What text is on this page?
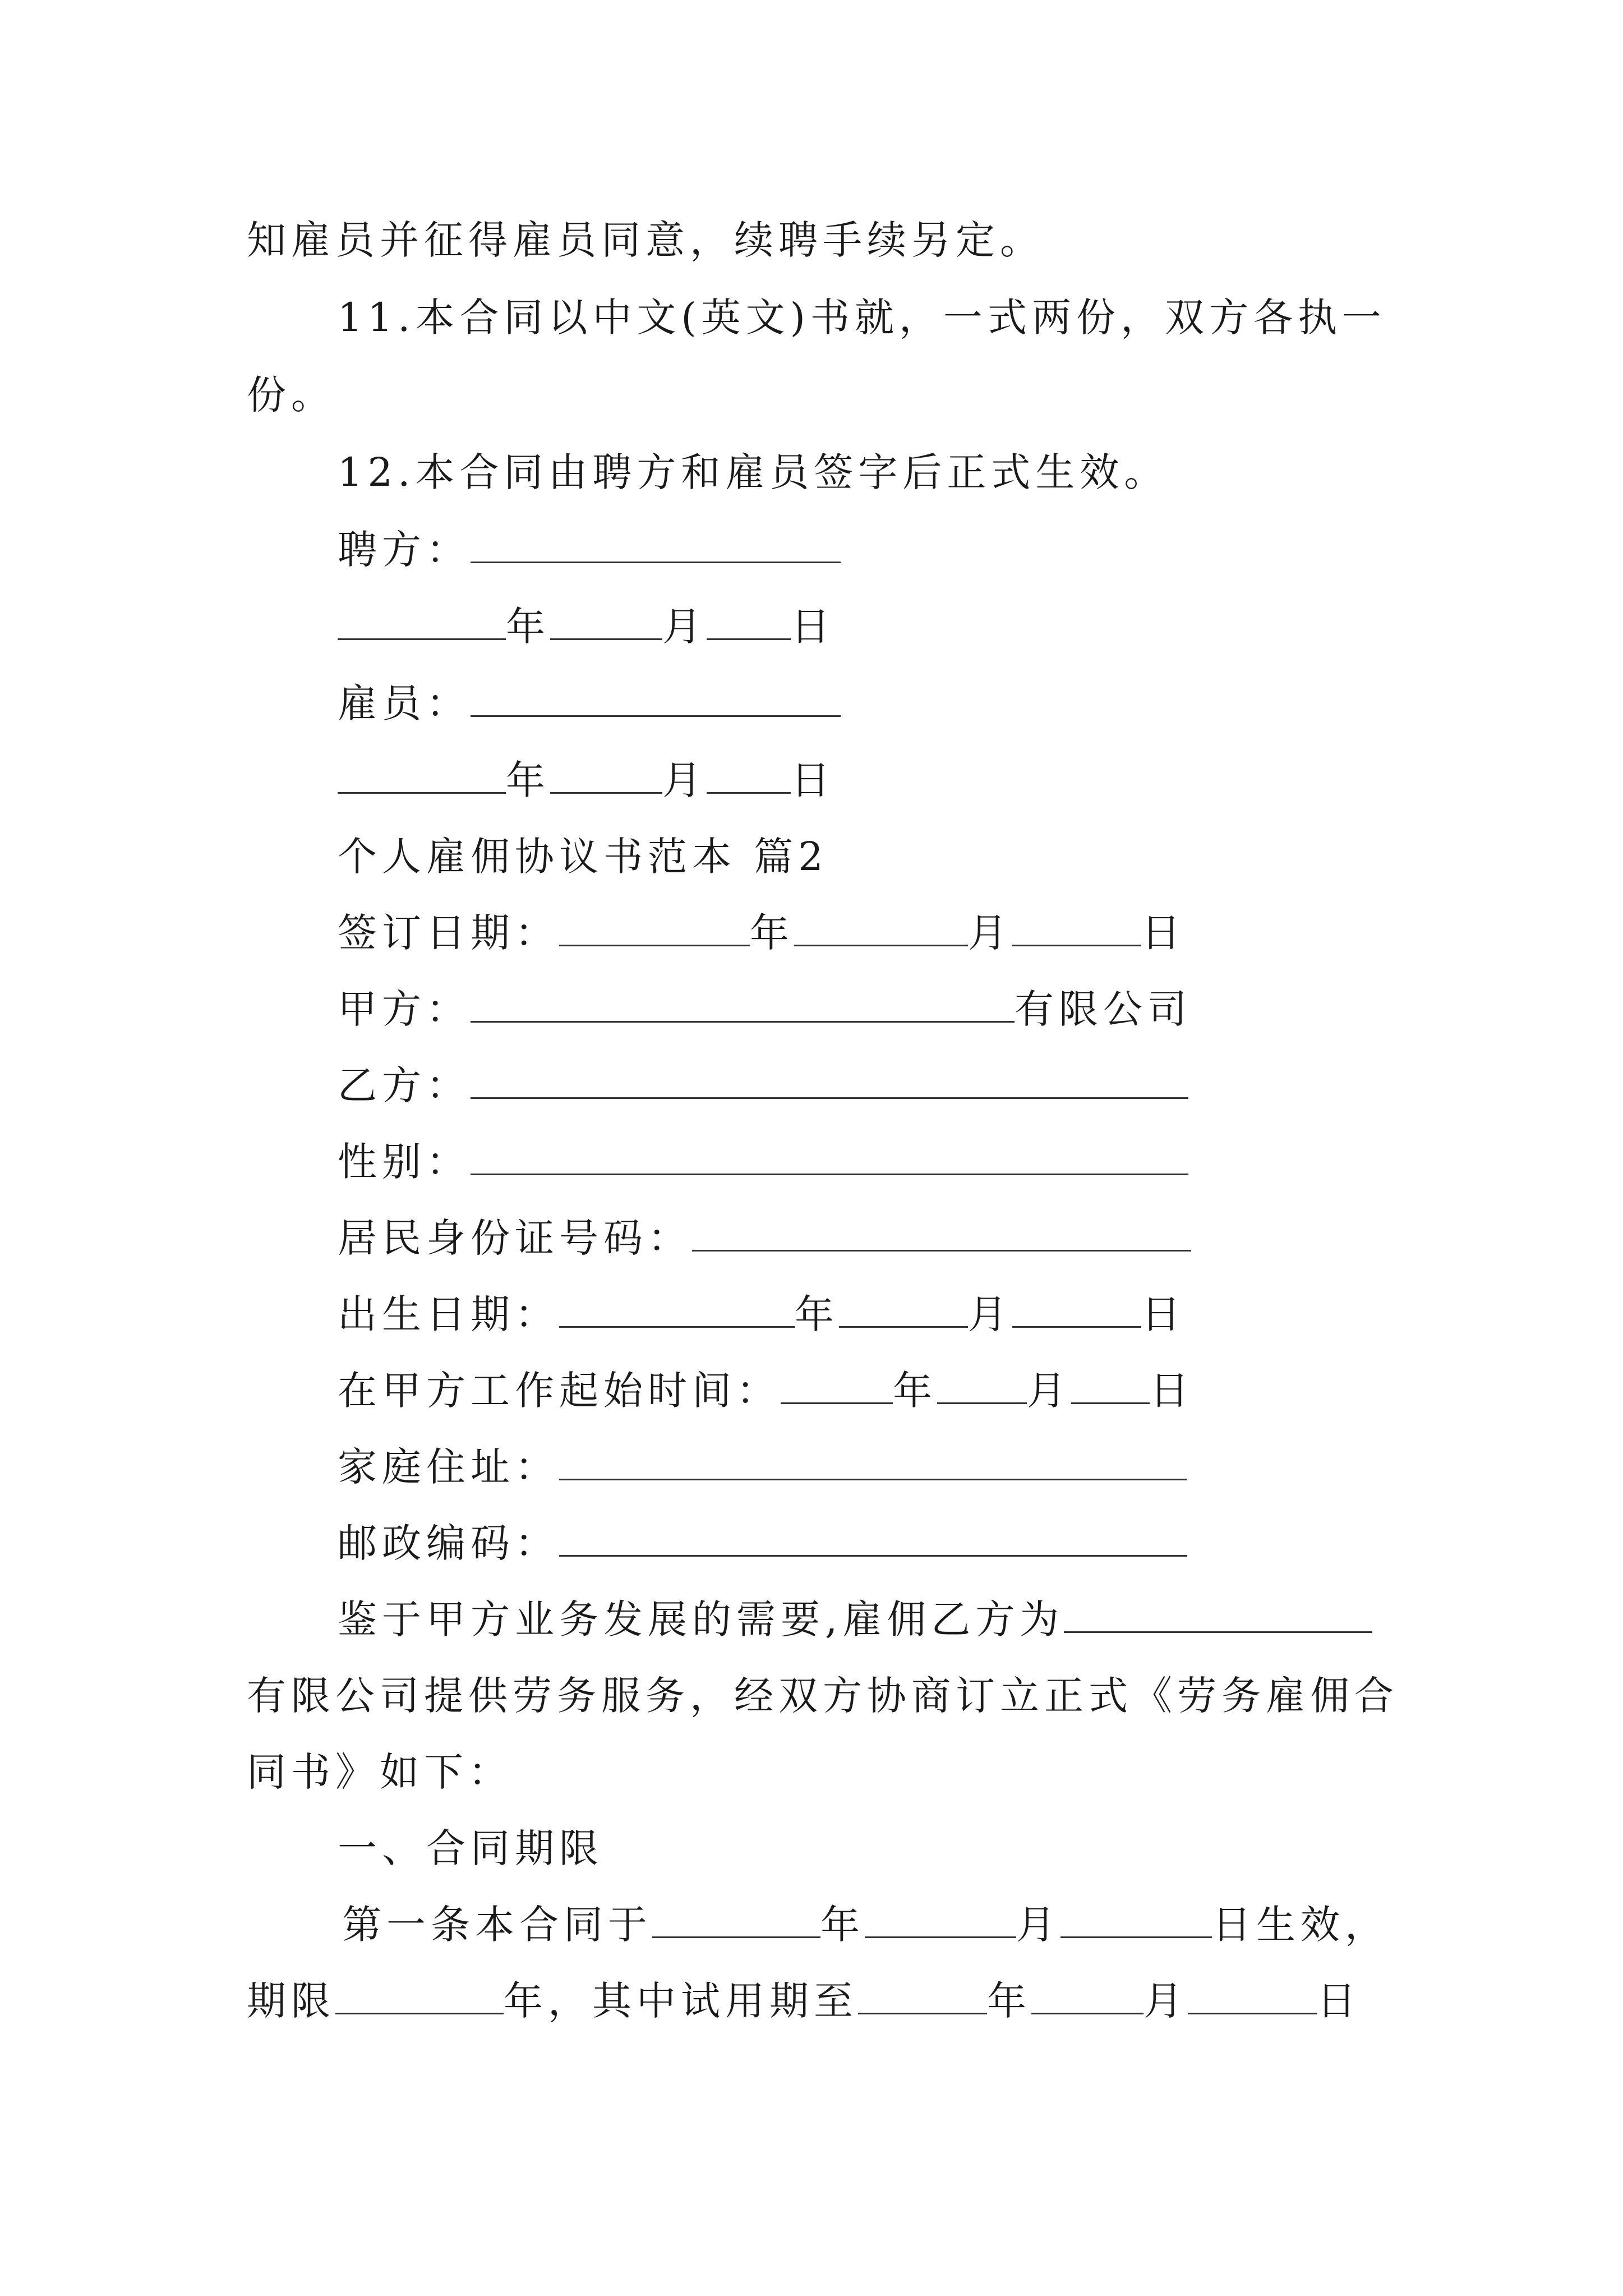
知雇员并征得雇员同意，续聘手续另定。
11.本合同以中文(英文)书就，一式两份，双方各执一
份。
12.本合同由聘方和雇员签字后正式生效。
聘方：
年	月 日
雇员：
年	月 日
个人雇佣协议书范本 篇2
签订日期：	年	月	日
甲方：	有限公司
乙方：
性别：
居民身份证号码：
出生日期：	年	月	日
在甲方工作起始时间：	年 月 日
家庭住址：
邮政编码：
鉴于甲方业务发展的需要,雇佣乙方为
有限公司提供劳务服务，经双方协商订立正式《劳务雇佣合
同书》如下：
一、合同期限
第一条本合同于	年	月	日生效，
期限	年，其中试用期至	年	月	日
